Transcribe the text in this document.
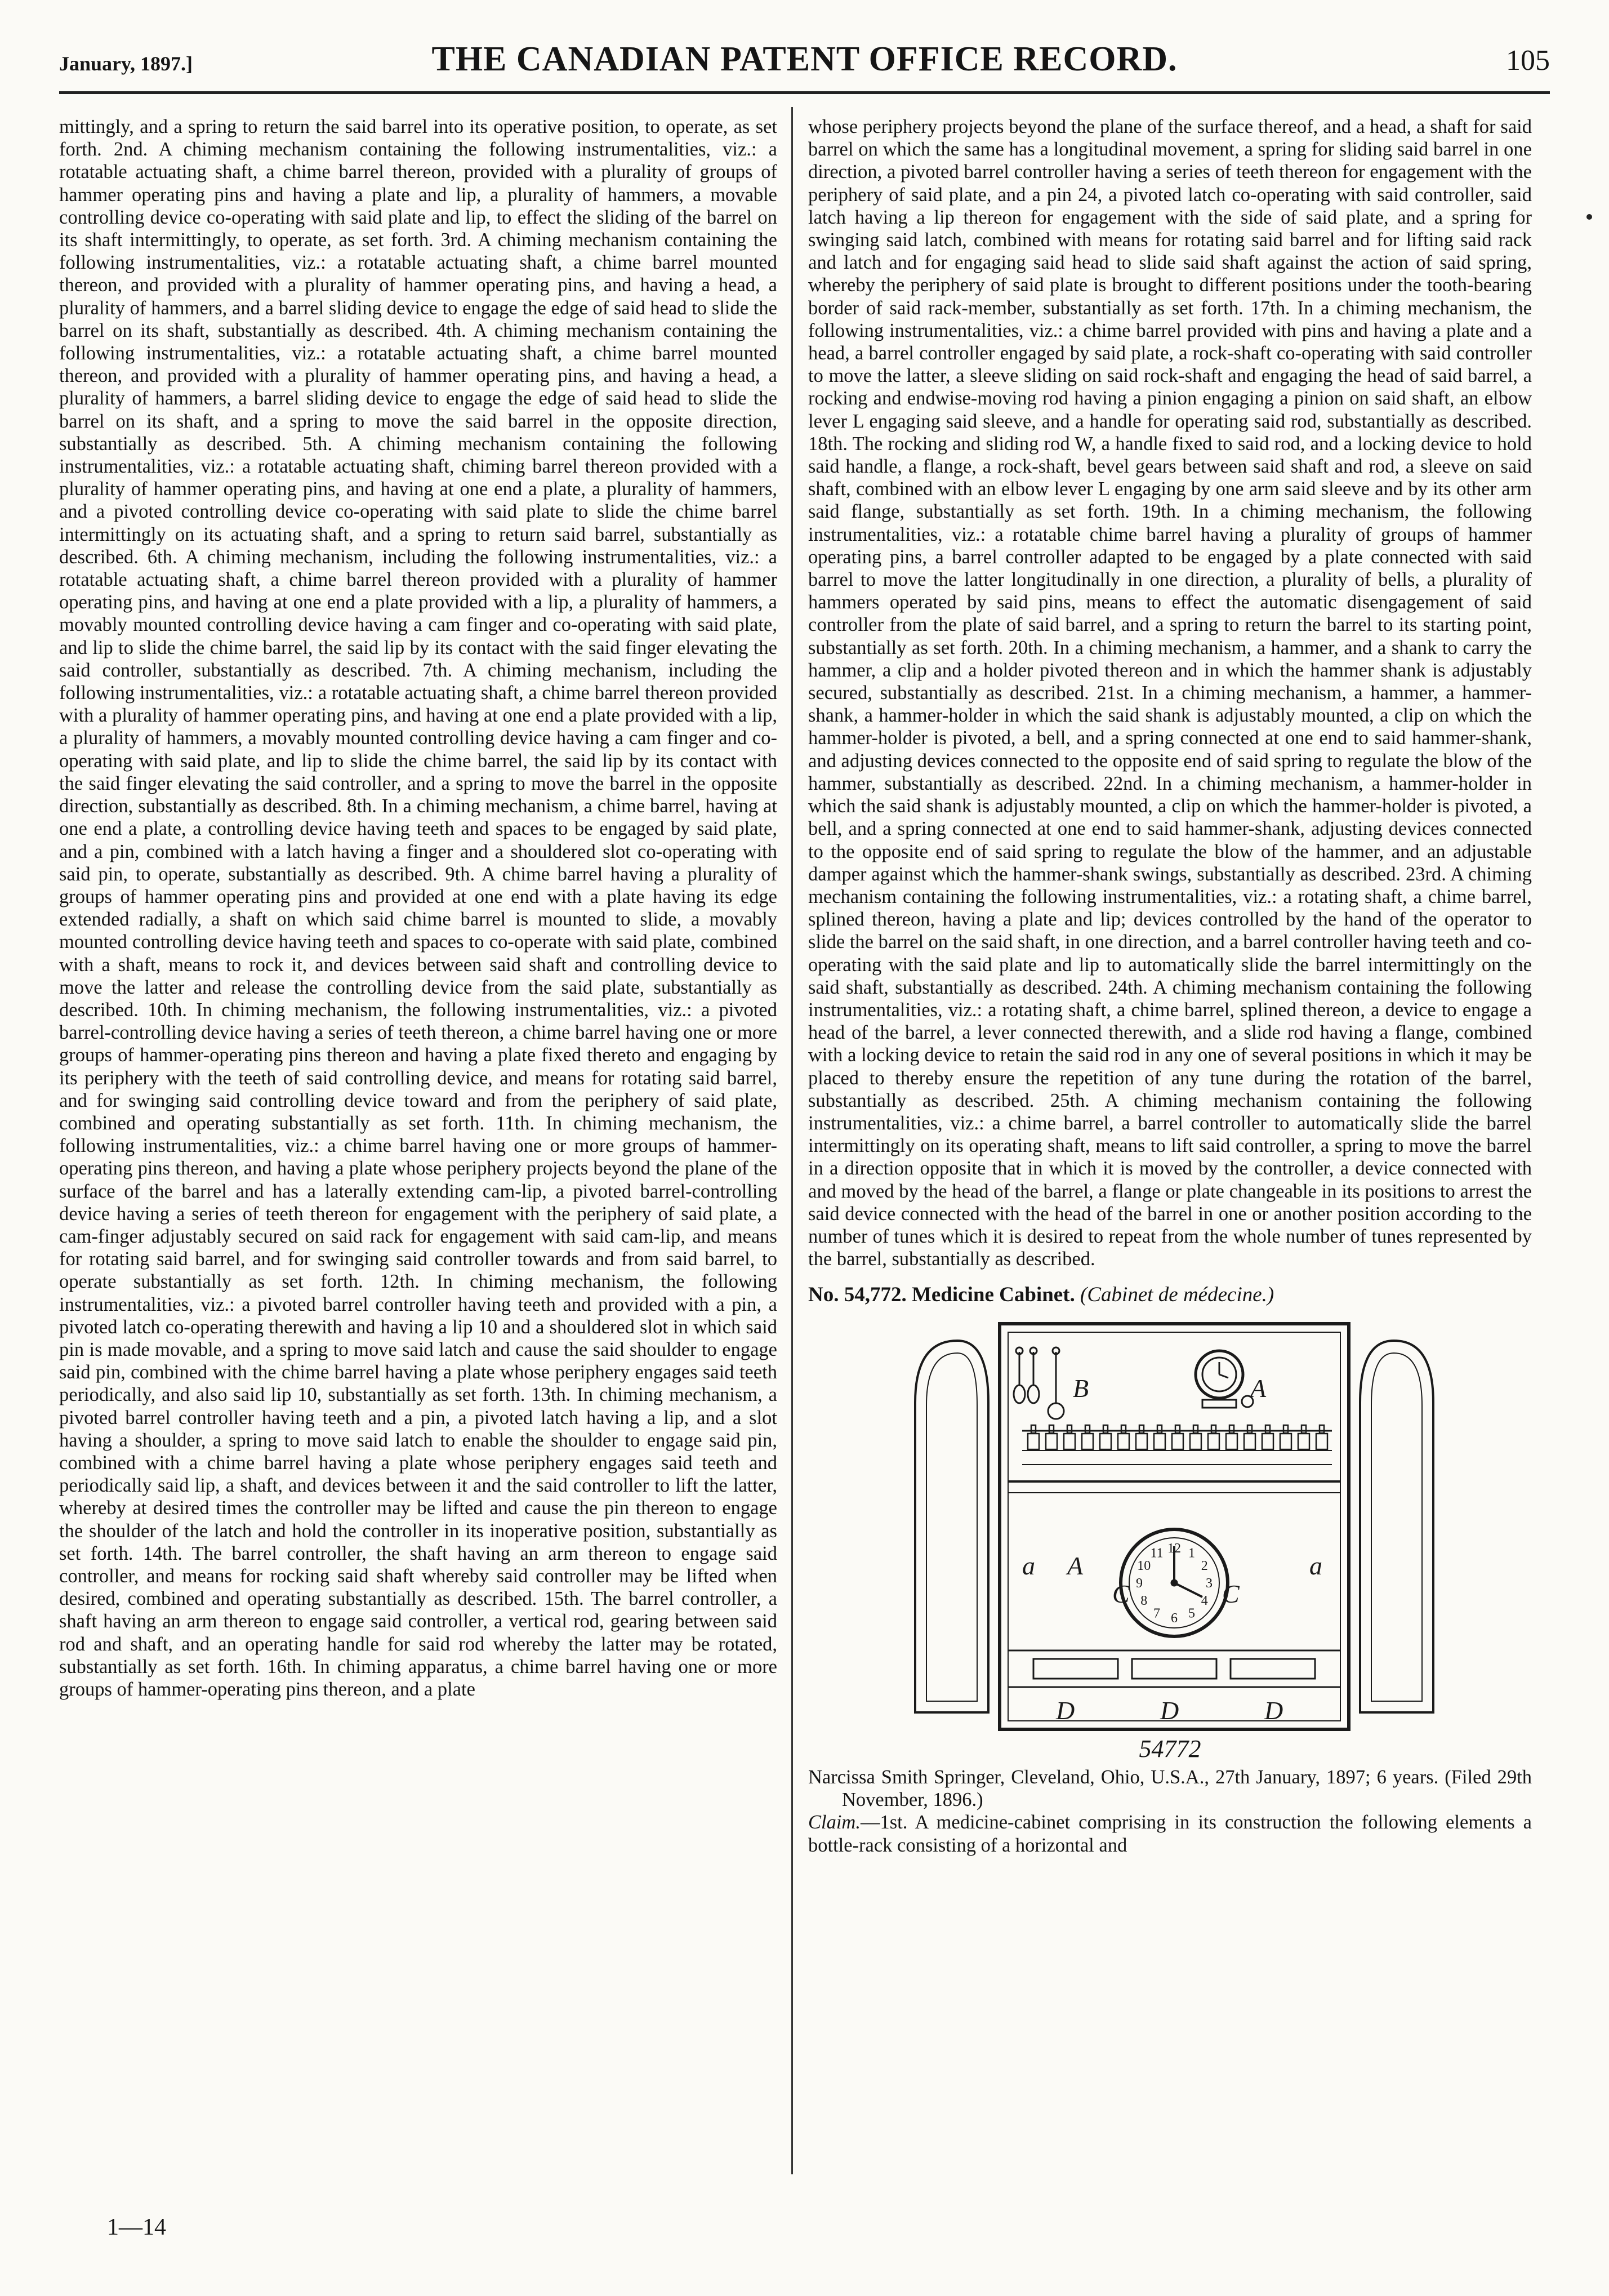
January, 1897.]	THE CANADIAN PATENT OFFICE RECORD.	105

mittingly, and a spring to return the said barrel into its operative position, to operate, as set forth. 2nd. A chiming mechanism containing the following instrumentalities, viz.: a rotatable actuating shaft, a chime barrel thereon, provided with a plurality of groups of hammer operating pins and having a plate and lip, a plurality of hammers, a movable controlling device co-operating with said plate and lip, to effect the sliding of the barrel on its shaft intermittingly, to operate, as set forth. 3rd. A chiming mechanism containing the following instrumentalities, viz.: a rotatable actuating shaft, a chime barrel mounted thereon, and provided with a plurality of hammer operating pins, and having a head, a plurality of hammers, and a barrel sliding device to engage the edge of said head to slide the barrel on its shaft, substantially as described. 4th. A chiming mechanism containing the following instrumentalities, viz.: a rotatable actuating shaft, a chime barrel mounted thereon, and provided with a plurality of hammer operating pins, and having a head, a plurality of hammers, a barrel sliding device to engage the edge of said head to slide the barrel on its shaft, and a spring to move the said barrel in the opposite direction, substantially as described. 5th. A chiming mechanism containing the following instrumentalities, viz.: a rotatable actuating shaft, chiming barrel thereon provided with a plurality of hammer operating pins, and having at one end a plate, a plurality of hammers, and a pivoted controlling device co-operating with said plate to slide the chime barrel intermittingly on its actuating shaft, and a spring to return said barrel, substantially as described. 6th. A chiming mechanism, including the following instrumentalities, viz.: a rotatable actuating shaft, a chime barrel thereon provided with a plurality of hammer operating pins, and having at one end a plate provided with a lip, a plurality of hammers, a movably mounted controlling device having a cam finger and co-operating with said plate, and lip to slide the chime barrel, the said lip by its contact with the said finger elevating the said controller, substantially as described. 7th. A chiming mechanism, including the following instrumentalities, viz.: a rotatable actuating shaft, a chime barrel thereon provided with a plurality of hammer operating pins, and having at one end a plate provided with a lip, a plurality of hammers, a movably mounted controlling device having a cam finger and co-operating with said plate, and lip to slide the chime barrel, the said lip by its contact with the said finger elevating the said controller, and a spring to move the barrel in the opposite direction, substantially as described. 8th. In a chiming mechanism, a chime barrel, having at one end a plate, a controlling device having teeth and spaces to be engaged by said plate, and a pin, combined with a latch having a finger and a shouldered slot co-operating with said pin, to operate, substantially as described. 9th. A chime barrel having a plurality of groups of hammer operating pins and provided at one end with a plate having its edge extended radially, a shaft on which said chime barrel is mounted to slide, a movably mounted controlling device having teeth and spaces to co-operate with said plate, combined with a shaft, means to rock it, and devices between said shaft and controlling device to move the latter and release the controlling device from the said plate, substantially as described. 10th. In chiming mechanism, the following instrumentalities, viz.: a pivoted barrel-controlling device having a series of teeth thereon, a chime barrel having one or more groups of hammer-operating pins thereon and having a plate fixed thereto and engaging by its periphery with the teeth of said controlling device, and means for rotating said barrel, and for swinging said controlling device toward and from the periphery of said plate, combined and operating substantially as set forth. 11th. In chiming mechanism, the following instrumentalities, viz.: a chime barrel having one or more groups of hammer-operating pins thereon, and having a plate whose periphery projects beyond the plane of the surface of the barrel and has a laterally extending cam-lip, a pivoted barrel-controlling device having a series of teeth thereon for engagement with the periphery of said plate, a cam-finger adjustably secured on said rack for engagement with said cam-lip, and means for rotating said barrel, and for swinging said controller towards and from said barrel, to operate substantially as set forth. 12th. In chiming mechanism, the following instrumentalities, viz.: a pivoted barrel controller having teeth and provided with a pin, a pivoted latch co-operating therewith and having a lip 10 and a shouldered slot in which said pin is made movable, and a spring to move said latch and cause the said shoulder to engage said pin, combined with the chime barrel having a plate whose periphery engages said teeth periodically, and also said lip 10, substantially as set forth. 13th. In chiming mechanism, a pivoted barrel controller having teeth and a pin, a pivoted latch having a lip, and a slot having a shoulder, a spring to move said latch to enable the shoulder to engage said pin, combined with a chime barrel having a plate whose periphery engages said teeth and periodically said lip, a shaft, and devices between it and the said controller to lift the latter, whereby at desired times the controller may be lifted and cause the pin thereon to engage the shoulder of the latch and hold the controller in its inoperative position, substantially as set forth. 14th. The barrel controller, the shaft having an arm thereon to engage said controller, and means for rocking said shaft whereby said controller may be lifted when desired, combined and operating substantially as described. 15th. The barrel controller, a shaft having an arm thereon to engage said controller, a vertical rod, gearing between said rod and shaft, and an operating handle for said rod whereby the latter may be rotated, substantially as set forth. 16th. In chiming apparatus, a chime barrel having one or more groups of hammer-operating pins thereon, and a plate

whose periphery projects beyond the plane of the surface thereof, and a head, a shaft for said barrel on which the same has a longitudinal movement, a spring for sliding said barrel in one direction, a pivoted barrel controller having a series of teeth thereon for engagement with the periphery of said plate, and a pin 24, a pivoted latch co-operating with said controller, said latch having a lip thereon for engagement with the side of said plate, and a spring for swinging said latch, combined with means for rotating said barrel and for lifting said rack and latch and for engaging said head to slide said shaft against the action of said spring, whereby the periphery of said plate is brought to different positions under the tooth-bearing border of said rack-member, substantially as set forth. 17th. In a chiming mechanism, the following instrumentalities, viz.: a chime barrel provided with pins and having a plate and a head, a barrel controller engaged by said plate, a rock-shaft co-operating with said controller to move the latter, a sleeve sliding on said rock-shaft and engaging the head of said barrel, a rocking and endwise-moving rod having a pinion engaging a pinion on said shaft, an elbow lever L engaging said sleeve, and a handle for operating said rod, substantially as described. 18th. The rocking and sliding rod W, a handle fixed to said rod, and a locking device to hold said handle, a flange, a rock-shaft, bevel gears between said shaft and rod, a sleeve on said shaft, combined with an elbow lever L engaging by one arm said sleeve and by its other arm said flange, substantially as set forth. 19th. In a chiming mechanism, the following instrumentalities, viz.: a rotatable chime barrel having a plurality of groups of hammer operating pins, a barrel controller adapted to be engaged by a plate connected with said barrel to move the latter longitudinally in one direction, a plurality of bells, a plurality of hammers operated by said pins, means to effect the automatic disengagement of said controller from the plate of said barrel, and a spring to return the barrel to its starting point, substantially as set forth. 20th. In a chiming mechanism, a hammer, and a shank to carry the hammer, a clip and a holder pivoted thereon and in which the hammer shank is adjustably secured, substantially as described. 21st. In a chiming mechanism, a hammer, a hammer-shank, a hammer-holder in which the said shank is adjustably mounted, a clip on which the hammer-holder is pivoted, a bell, and a spring connected at one end to said hammer-shank, and adjusting devices connected to the opposite end of said spring to regulate the blow of the hammer, substantially as described. 22nd. In a chiming mechanism, a hammer-holder in which the said shank is adjustably mounted, a clip on which the hammer-holder is pivoted, a bell, and a spring connected at one end to said hammer-shank, adjusting devices connected to the opposite end of said spring to regulate the blow of the hammer, and an adjustable damper against which the hammer-shank swings, substantially as described. 23rd. A chiming mechanism containing the following instrumentalities, viz.: a rotating shaft, a chime barrel, splined thereon, having a plate and lip; devices controlled by the hand of the operator to slide the barrel on the said shaft, in one direction, and a barrel controller having teeth and co-operating with the said plate and lip to automatically slide the barrel intermittingly on the said shaft, substantially as described. 24th. A chiming mechanism containing the following instrumentalities, viz.: a rotating shaft, a chime barrel, splined thereon, a device to engage a head of the barrel, a lever connected therewith, and a slide rod having a flange, combined with a locking device to retain the said rod in any one of several positions in which it may be placed to thereby ensure the repetition of any tune during the rotation of the barrel, substantially as described. 25th. A chiming mechanism containing the following instrumentalities, viz.: a chime barrel, a barrel controller to automatically slide the barrel intermittingly on its operating shaft, means to lift said controller, a spring to move the barrel in a direction opposite that in which it is moved by the controller, a device connected with and moved by the head of the barrel, a flange or plate changeable in its positions to arrest the said device connected with the head of the barrel in one or another position according to the number of tunes which it is desired to repeat from the whole number of tunes represented by the barrel, substantially as described.

No. 54,772. Medicine Cabinet. (Cabinet de médecine.)
1
2
3
4
5
6
7
8
9
10
11 12
B	A
a A
C	C
a
D	D	D
54772

Narcissa Smith Springer, Cleveland, Ohio, U.S.A., 27th January, 1897; 6 years. (Filed 29th November, 1896.)

Claim.—1st. A medicine-cabinet comprising in its construction the following elements a bottle-rack consisting of a horizontal and

1—14
